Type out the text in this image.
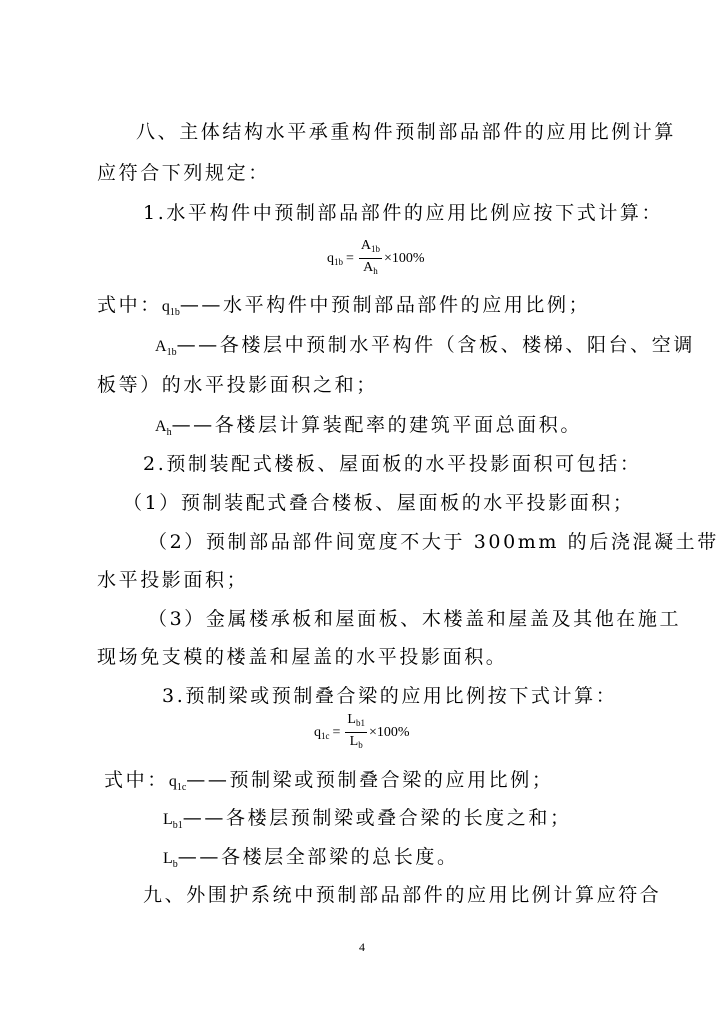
八、主体结构水平承重构件预制部品部件的应用比例计算
应符合下列规定：
1.水平构件中预制部品部件的应用比例应按下式计算：
$q_{1b} = \frac{A_{1b}}{A_h} \times 100\%$
式中：$q_{1b}——$水平构件中预制部品部件的应用比例；
$A_{1b}——$各楼层中预制水平构件（含板、楼梯、阳台、空调
板等）的水平投影面积之和；
$A_h——$各楼层计算装配率的建筑平面总面积。
2.预制装配式楼板、屋面板的水平投影面积可包括：
（1）预制装配式叠合楼板、屋面板的水平投影面积；
（2）预制部品部件间宽度不大于 300mm 的后浇混凝土带
水平投影面积；
（3）金属楼承板和屋面板、木楼盖和屋盖及其他在施工
现场免支模的楼盖和屋盖的水平投影面积。
3.预制梁或预制叠合梁的应用比例按下式计算：
$q_{1c} = \frac{L_{b1}}{L_b} \times 100\%$
式中：$q_{1c}——$预制梁或预制叠合梁的应用比例；
$L_{b1}——$各楼层预制梁或叠合梁的长度之和；
$L_b——$各楼层全部梁的总长度。
九、外围护系统中预制部品部件的应用比例计算应符合
4
